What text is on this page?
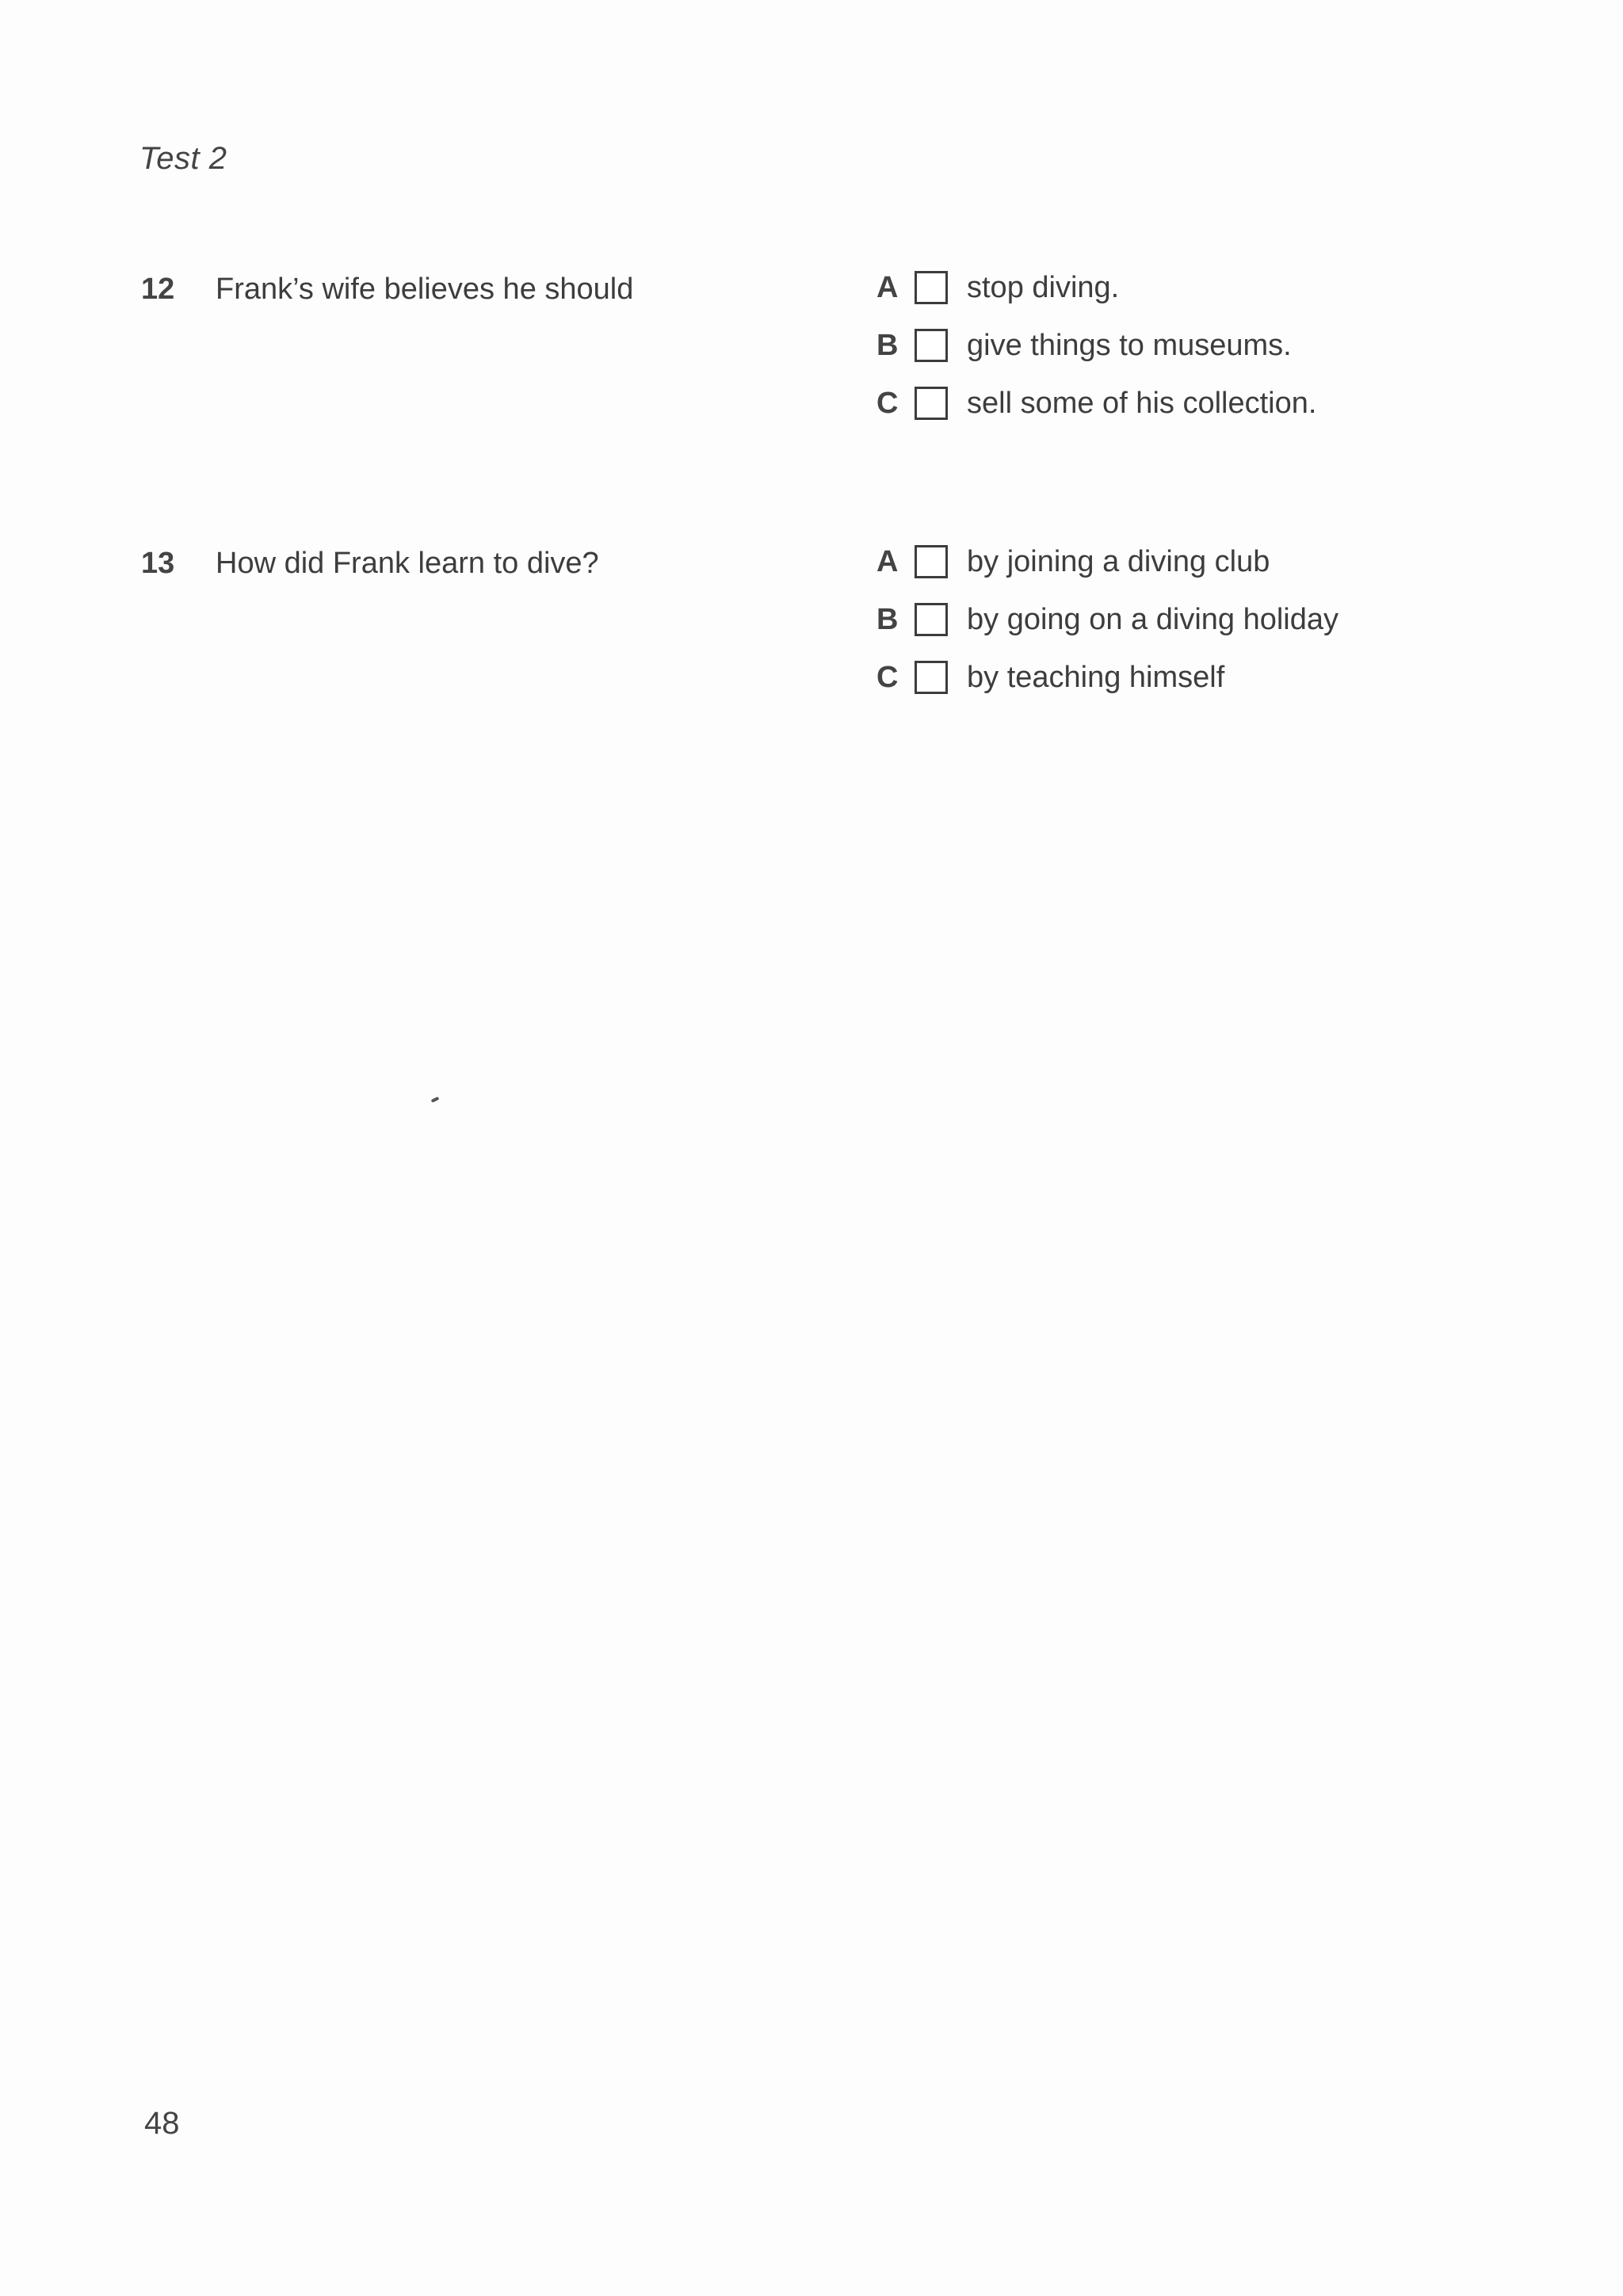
Test 2
12 Frank’s wife believes he should	A	stop diving.
B	give things to museums.
C	sell some of his collection.
13 How did Frank learn to dive?	A	by joining a diving club
B	by going on a diving holiday
C	by teaching himself
48
